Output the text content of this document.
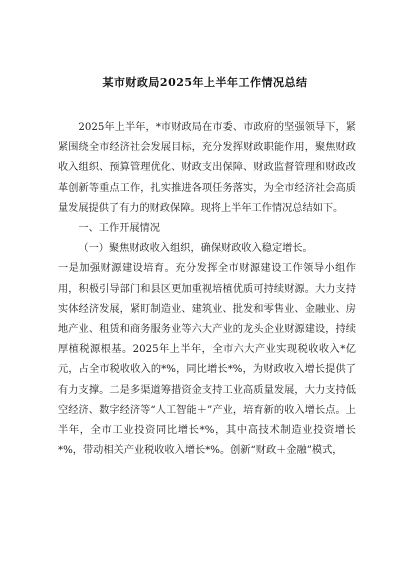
某市财政局2025年上半年工作情况总结

2025年上半年，*市财政局在市委、市政府的坚强领导下，紧紧围绕全市经济社会发展目标，充分发挥财政职能作用，聚焦财政收入组织、预算管理优化、财政支出保障、财政监督管理和财政改革创新等重点工作，扎实推进各项任务落实，为全市经济社会高质量发展提供了有力的财政保障。现将上半年工作情况总结如下。

一、工作开展情况

（一）聚焦财政收入组织，确保财政收入稳定增长。

一是加强财源建设培育。充分发挥全市财源建设工作领导小组作用，积极引导部门和县区更加重视培植优质可持续财源。大力支持实体经济发展，紧盯制造业、建筑业、批发和零售业、金融业、房地产业、租赁和商务服务业等六大产业的龙头企业财源建设，持续厚植税源根基。2025年上半年，全市六大产业实现税收收入*亿元，占全市税收收入的*%，同比增长*%，为财政收入增长提供了有力支撑。二是多渠道筹措资金支持工业高质量发展，大力支持低空经济、数字经济等“人工智能＋”产业，培育新的收入增长点。上半年，全市工业投资同比增长*%，其中高技术制造业投资增长*%，带动相关产业税收收入增长*%。创新“财政＋金融”模式，
